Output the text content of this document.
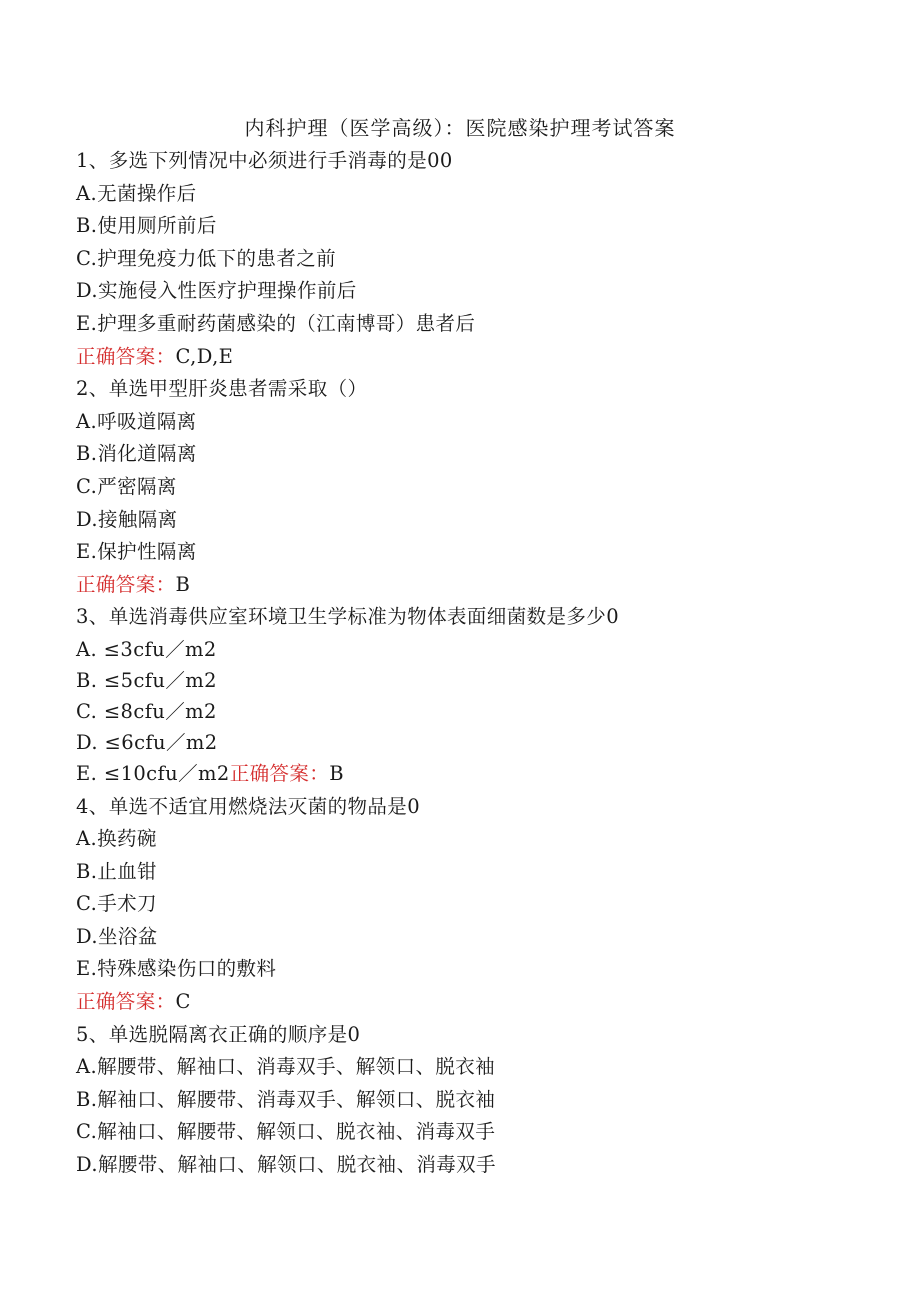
内科护理（医学高级）：医院感染护理考试答案
1、多选下列情况中必须进行手消毒的是00
A.无菌操作后
B.使用厕所前后
C.护理免疫力低下的患者之前
D.实施侵入性医疗护理操作前后
E.护理多重耐药菌感染的（江南博哥）患者后
正确答案：C,D,E
2、单选甲型肝炎患者需采取（）
A.呼吸道隔离
B.消化道隔离
C.严密隔离
D.接触隔离
E.保护性隔离
正确答案：B
3、单选消毒供应室环境卫生学标准为物体表面细菌数是多少0
A. ≤3cfu／m2
B. ≤5cfu／m2
C. ≤8cfu／m2
D. ≤6cfu／m2
E. ≤10cfu／m2正确答案：B
4、单选不适宜用燃烧法灭菌的物品是0
A.换药碗
B.止血钳
C.手术刀
D.坐浴盆
E.特殊感染伤口的敷料
正确答案：C
5、单选脱隔离衣正确的顺序是0
A.解腰带、解袖口、消毒双手、解领口、脱衣袖
B.解袖口、解腰带、消毒双手、解领口、脱衣袖
C.解袖口、解腰带、解领口、脱衣袖、消毒双手
D.解腰带、解袖口、解领口、脱衣袖、消毒双手
